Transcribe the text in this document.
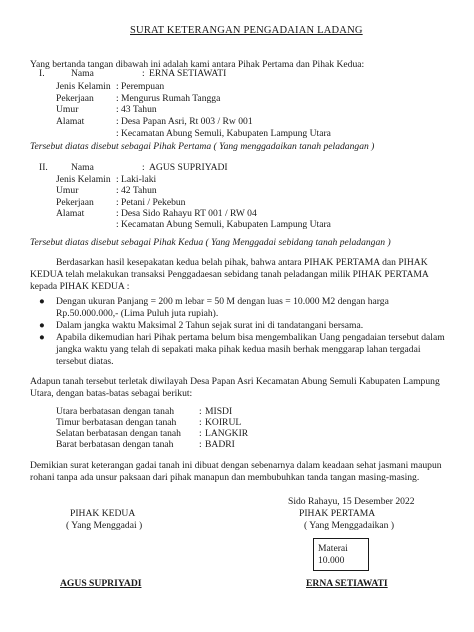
SURAT KETERANGAN PENGADAIAN LADANG
Yang bertanda tangan dibawah ini adalah kami antara Pihak Pertama dan Pihak Kedua:
I.	Nama	: ERNA SETIAWATI
Jenis Kelamin : Perempuan
Pekerjaan : Mengurus Rumah Tangga
Umur	: 43 Tahun
Alamat	: Desa Papan Asri, Rt 003 / Rw 001
: Kecamatan Abung Semuli, Kabupaten Lampung Utara
Tersebut diatas disebut sebagai Pihak Pertama ( Yang menggadaikan tanah peladangan )
II. Nama	: AGUS SUPRIYADI
Jenis Kelamin : Laki-laki
Umur	: 42 Tahun
Pekerjaan : Petani / Pekebun
Alamat	: Desa Sido Rahayu RT 001 / RW 04
: Kecamatan Abung Semuli, Kabupaten Lampung Utara
Tersebut diatas disebut sebagai Pihak Kedua ( Yang Menggadai sebidang tanah peladangan )
Berdasarkan hasil kesepakatan kedua belah pihak, bahwa antara PIHAK PERTAMA dan PIHAK
KEDUA telah melakukan transaksi Penggadaesan sebidang tanah peladangan milik PIHAK PERTAMA
kepada PIHAK KEDUA :
● Dengan ukuran Panjang = 200 m lebar = 50 M dengan luas = 10.000 M2 dengan harga
Rp.50.000.000,- (Lima Puluh juta rupiah).
● Dalam jangka waktu Maksimal 2 Tahun sejak surat ini di tandatangani bersama.
● Apabila dikemudian hari Pihak pertama belum bisa mengembalikan Uang pengadaian tersebut dalam
jangka waktu yang telah di sepakati maka pihak kedua masih berhak menggarap lahan tergadai
tersebut diatas.
Adapun tanah tersebut terletak diwilayah Desa Papan Asri Kecamatan Abung Semuli Kabupaten Lampung
Utara, dengan batas-batas sebagai berikut:
Utara berbatasan dengan tanah	: MISDI
Timur berbatasan dengan tanah : KOIRUL
Selatan berbatasan dengan tanah : LANGKIR
Barat berbatasan dengan tanah	: BADRI
Demikian surat keterangan gadai tanah ini dibuat dengan sebenarnya dalam keadaan sehat jasmani maupun
rohani tanpa ada unsur paksaan dari pihak manapun dan membubuhkan tanda tangan masing-masing.
Sido Rahayu, 15 Desember 2022
PIHAK KEDUA
( Yang Menggadai )
PIHAK PERTAMA
( Yang Menggadaikan )
Materai
10.000
AGUS SUPRIYADI	ERNA SETIAWATI
